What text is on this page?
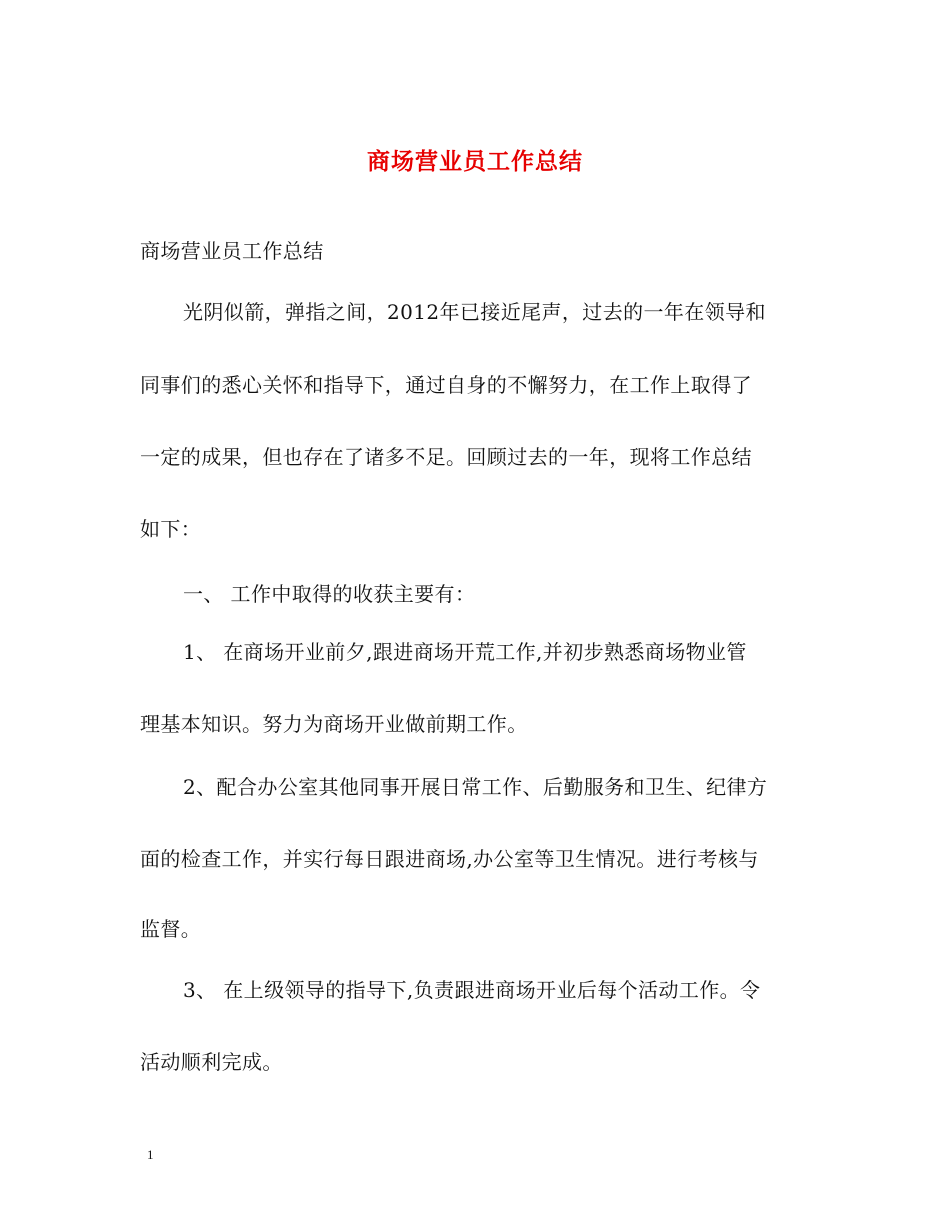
商场营业员工作总结
商场营业员工作总结
光阴似箭，弹指之间，2012年已接近尾声，过去的一年在领导和
同事们的悉心关怀和指导下，通过自身的不懈努力，在工作上取得了
一定的成果，但也存在了诸多不足。回顾过去的一年，现将工作总结
如下：
一、 工作中取得的收获主要有：
1、 在商场开业前夕,跟进商场开荒工作,并初步熟悉商场物业管
理基本知识。努力为商场开业做前期工作。
2、配合办公室其他同事开展日常工作、后勤服务和卫生、纪律方
面的检查工作，并实行每日跟进商场,办公室等卫生情况。进行考核与
监督。
3、 在上级领导的指导下,负责跟进商场开业后每个活动工作。令
活动顺利完成。
1
